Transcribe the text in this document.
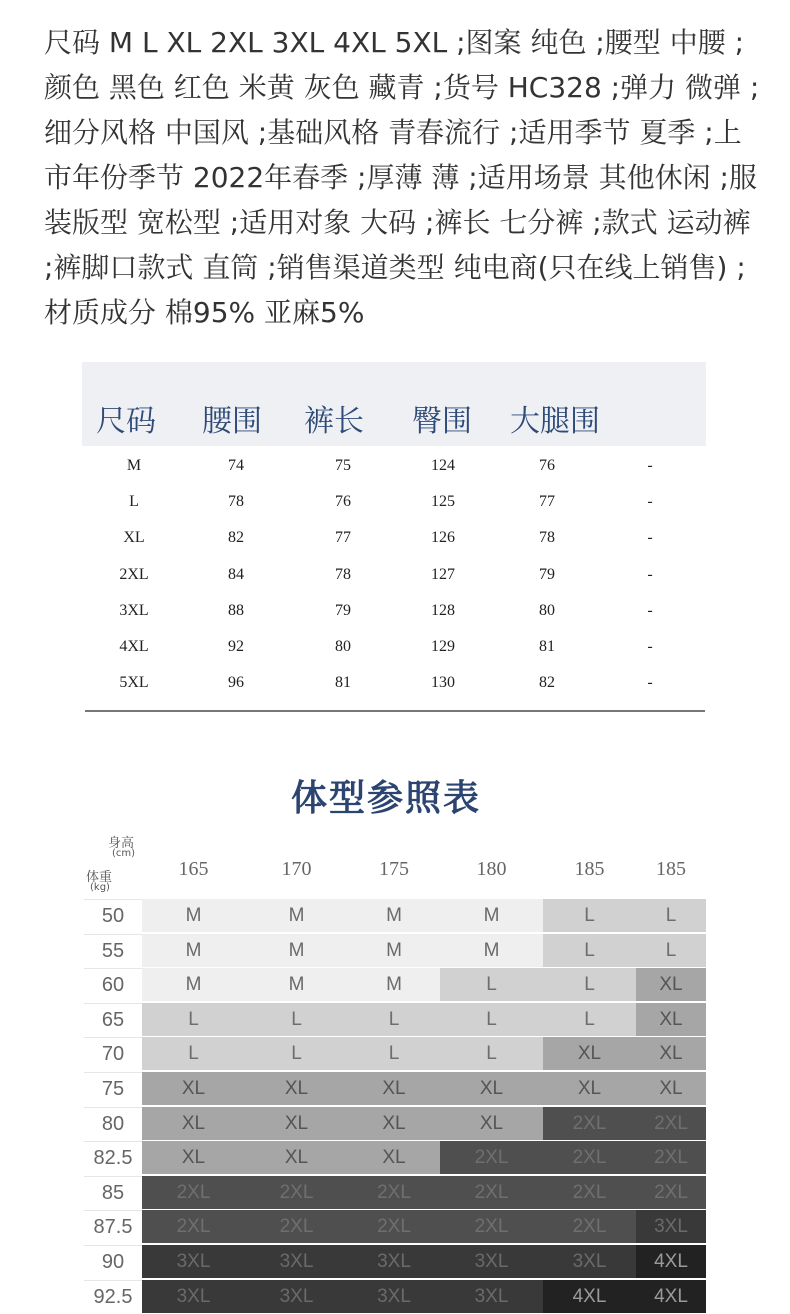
尺码 M L XL 2XL 3XL 4XL 5XL ;图案 纯色 ;腰型 中腰 ;颜色 黑色 红色 米黄 灰色 藏青 ;货号 HC328 ;弹力 微弹 ;细分风格 中国风 ;基础风格 青春流行 ;适用季节 夏季 ;上市年份季节 2022年春季 ;厚薄 薄 ;适用场景 其他休闲 ;服装版型 宽松型 ;适用对象 大码 ;裤长 七分裤 ;款式 运动裤 ;裤脚口款式 直筒 ;销售渠道类型 纯电商(只在线上销售) ;材质成分 棉95% 亚麻5%

尺码 腰围 裤长 臀围 大腿围
M	74	75	124	76	-
L	78	76	125	77	-
XL	82	77	126	78	-
2XL	84	78	127	79	-
3XL	88	79	128	80	-
4XL	92	80	129	81	-
5XL	96	81	130	82	-
体型参照表
身高
(cm)
体重
(kg)
165	170	175	180	185	185
50	M	M	M	M	L	L
55	M	M	M	M	L	L
60	M	M	M	L	L	XL
65	L	L	L	L	L	XL
70	L	L	L	L	XL	XL
75	XL	XL	XL	XL	XL	XL
80	XL	XL	XL	XL	2XL	2XL
82.5	XL	XL	XL	2XL	2XL	2XL
85	2XL	2XL	2XL	2XL	2XL	2XL
87.5	2XL	2XL	2XL	2XL	2XL	3XL
90	3XL	3XL	3XL	3XL	3XL	4XL
92.5	3XL	3XL	3XL	3XL	4XL	4XL
